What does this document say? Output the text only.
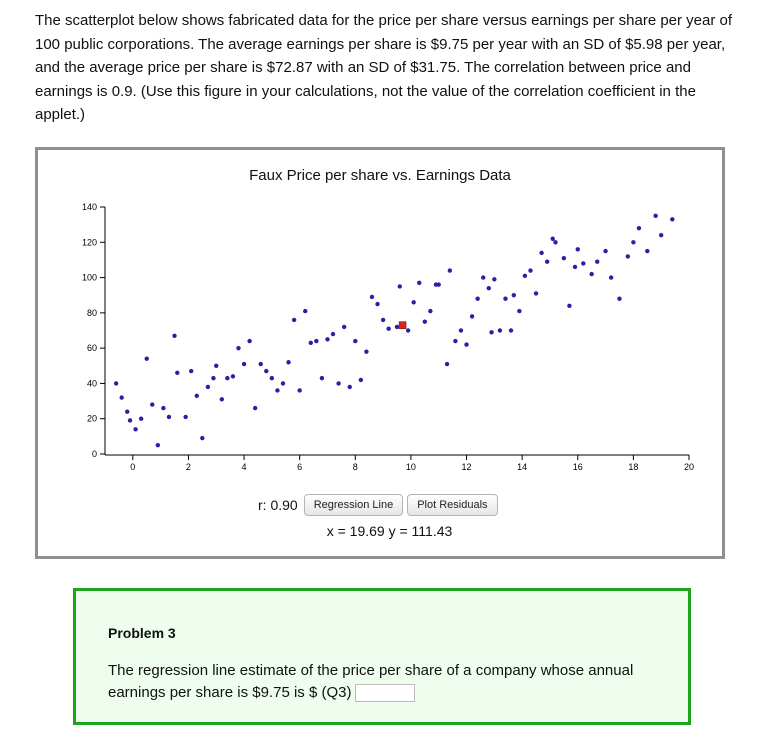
The scatterplot below shows fabricated data for the price per share versus earnings per share per year of 100 public corporations. The average earnings per share is $9.75 per year with an SD of $5.98 per year, and the average price per share is $72.87 with an SD of $31.75. The correlation between price and earnings is 0.9. (Use this figure in your calculations, not the value of the correlation coefficient in the applet.)

Faux Price per share vs. Earnings Data
0
20
40
60
80
100
120
140
0	2	4	6	8	10	12	14	16	18	20
r: 0.90	Regression Line	Plot Residuals
x = 19.69 y = 111.43
Problem 3
The regression line estimate of the price per share of a company whose annual earnings per share is $9.75 is $ (Q3)
